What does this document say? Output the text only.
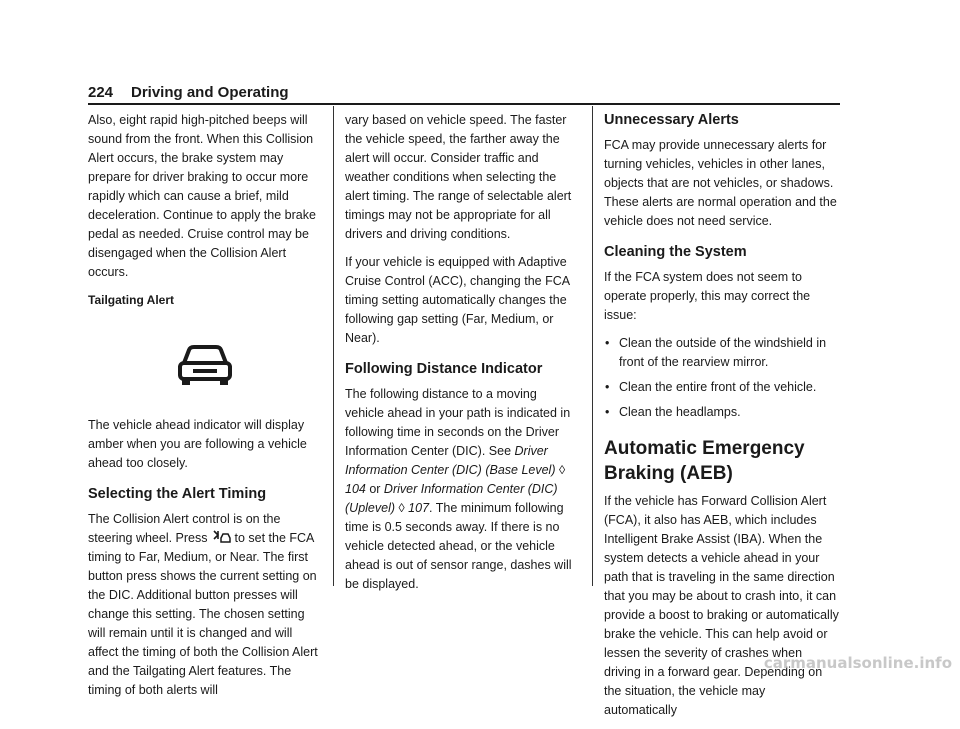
224 Driving and Operating

Also, eight rapid high-pitched beeps will sound from the front. When this Collision Alert occurs, the brake system may prepare for driver braking to occur more rapidly which can cause a brief, mild deceleration. Continue to apply the brake pedal as needed. Cruise control may be disengaged when the Collision Alert occurs.

Tailgating Alert

The vehicle ahead indicator will display amber when you are following a vehicle ahead too closely.

Selecting the Alert Timing

The Collision Alert control is on the steering wheel. Press to set the FCA timing to Far, Medium, or Near. The first button press shows the current setting on the DIC. Additional button presses will change this setting. The chosen setting will remain until it is changed and will affect the timing of both the Collision Alert and the Tailgating Alert features. The timing of both alerts will

vary based on vehicle speed. The faster the vehicle speed, the farther away the alert will occur. Consider traffic and weather conditions when selecting the alert timing. The range of selectable alert timings may not be appropriate for all drivers and driving conditions.

If your vehicle is equipped with Adaptive Cruise Control (ACC), changing the FCA timing setting automatically changes the following gap setting (Far, Medium, or Near).

Following Distance Indicator

The following distance to a moving vehicle ahead in your path is indicated in following time in seconds on the Driver Information Center (DIC). See Driver Information Center (DIC) (Base Level) ◊ 104 or Driver Information Center (DIC) (Uplevel) ◊ 107. The minimum following time is 0.5 seconds away. If there is no vehicle detected ahead, or the vehicle ahead is out of sensor range, dashes will be displayed.

Unnecessary Alerts

FCA may provide unnecessary alerts for turning vehicles, vehicles in other lanes, objects that are not vehicles, or shadows. These alerts are normal operation and the vehicle does not need service.

Cleaning the System

If the FCA system does not seem to operate properly, this may correct the issue:

• Clean the outside of the windshield in front of the rearview mirror.
• Clean the entire front of the vehicle.
• Clean the headlamps.
Automatic Emergency
Braking (AEB)

If the vehicle has Forward Collision Alert (FCA), it also has AEB, which includes Intelligent Brake Assist (IBA). When the system detects a vehicle ahead in your path that is traveling in the same direction that you may be about to crash into, it can provide a boost to braking or automatically brake the vehicle. This can help avoid or lessen the severity of crashes when driving in a forward gear. Depending on the situation, the vehicle may automatically

carmanualsonline.info
